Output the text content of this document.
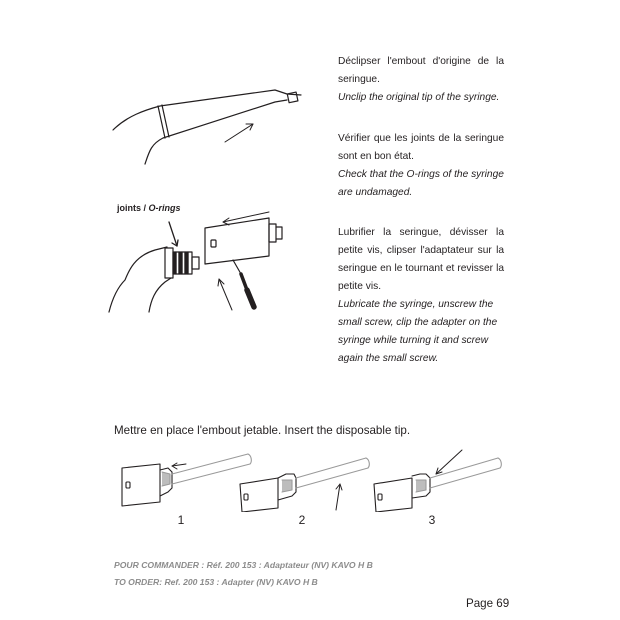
Déclipser l'embout d'origine de la seringue.
Unclip the original tip of the syringe.

Vérifier que les joints de la seringue sont en bon état.
Check that the O-rings of the syringe are undamaged.

Lubrifier la seringue, dévisser la petite vis, clipser l'adaptateur sur la seringue en le tournant et revisser la petite vis.
Lubricate the syringe, unscrew the small screw, clip the adapter on the syringe while turning it and screw again the small screw.

joints / O-rings
Mettre en place l'embout jetable. Insert the disposable tip.
1	2	3
POUR COMMANDER : Réf. 200 153 : Adaptateur (NV) KAVO H B
TO ORDER: Ref. 200 153 : Adapter (NV) KAVO H B
Page 69
